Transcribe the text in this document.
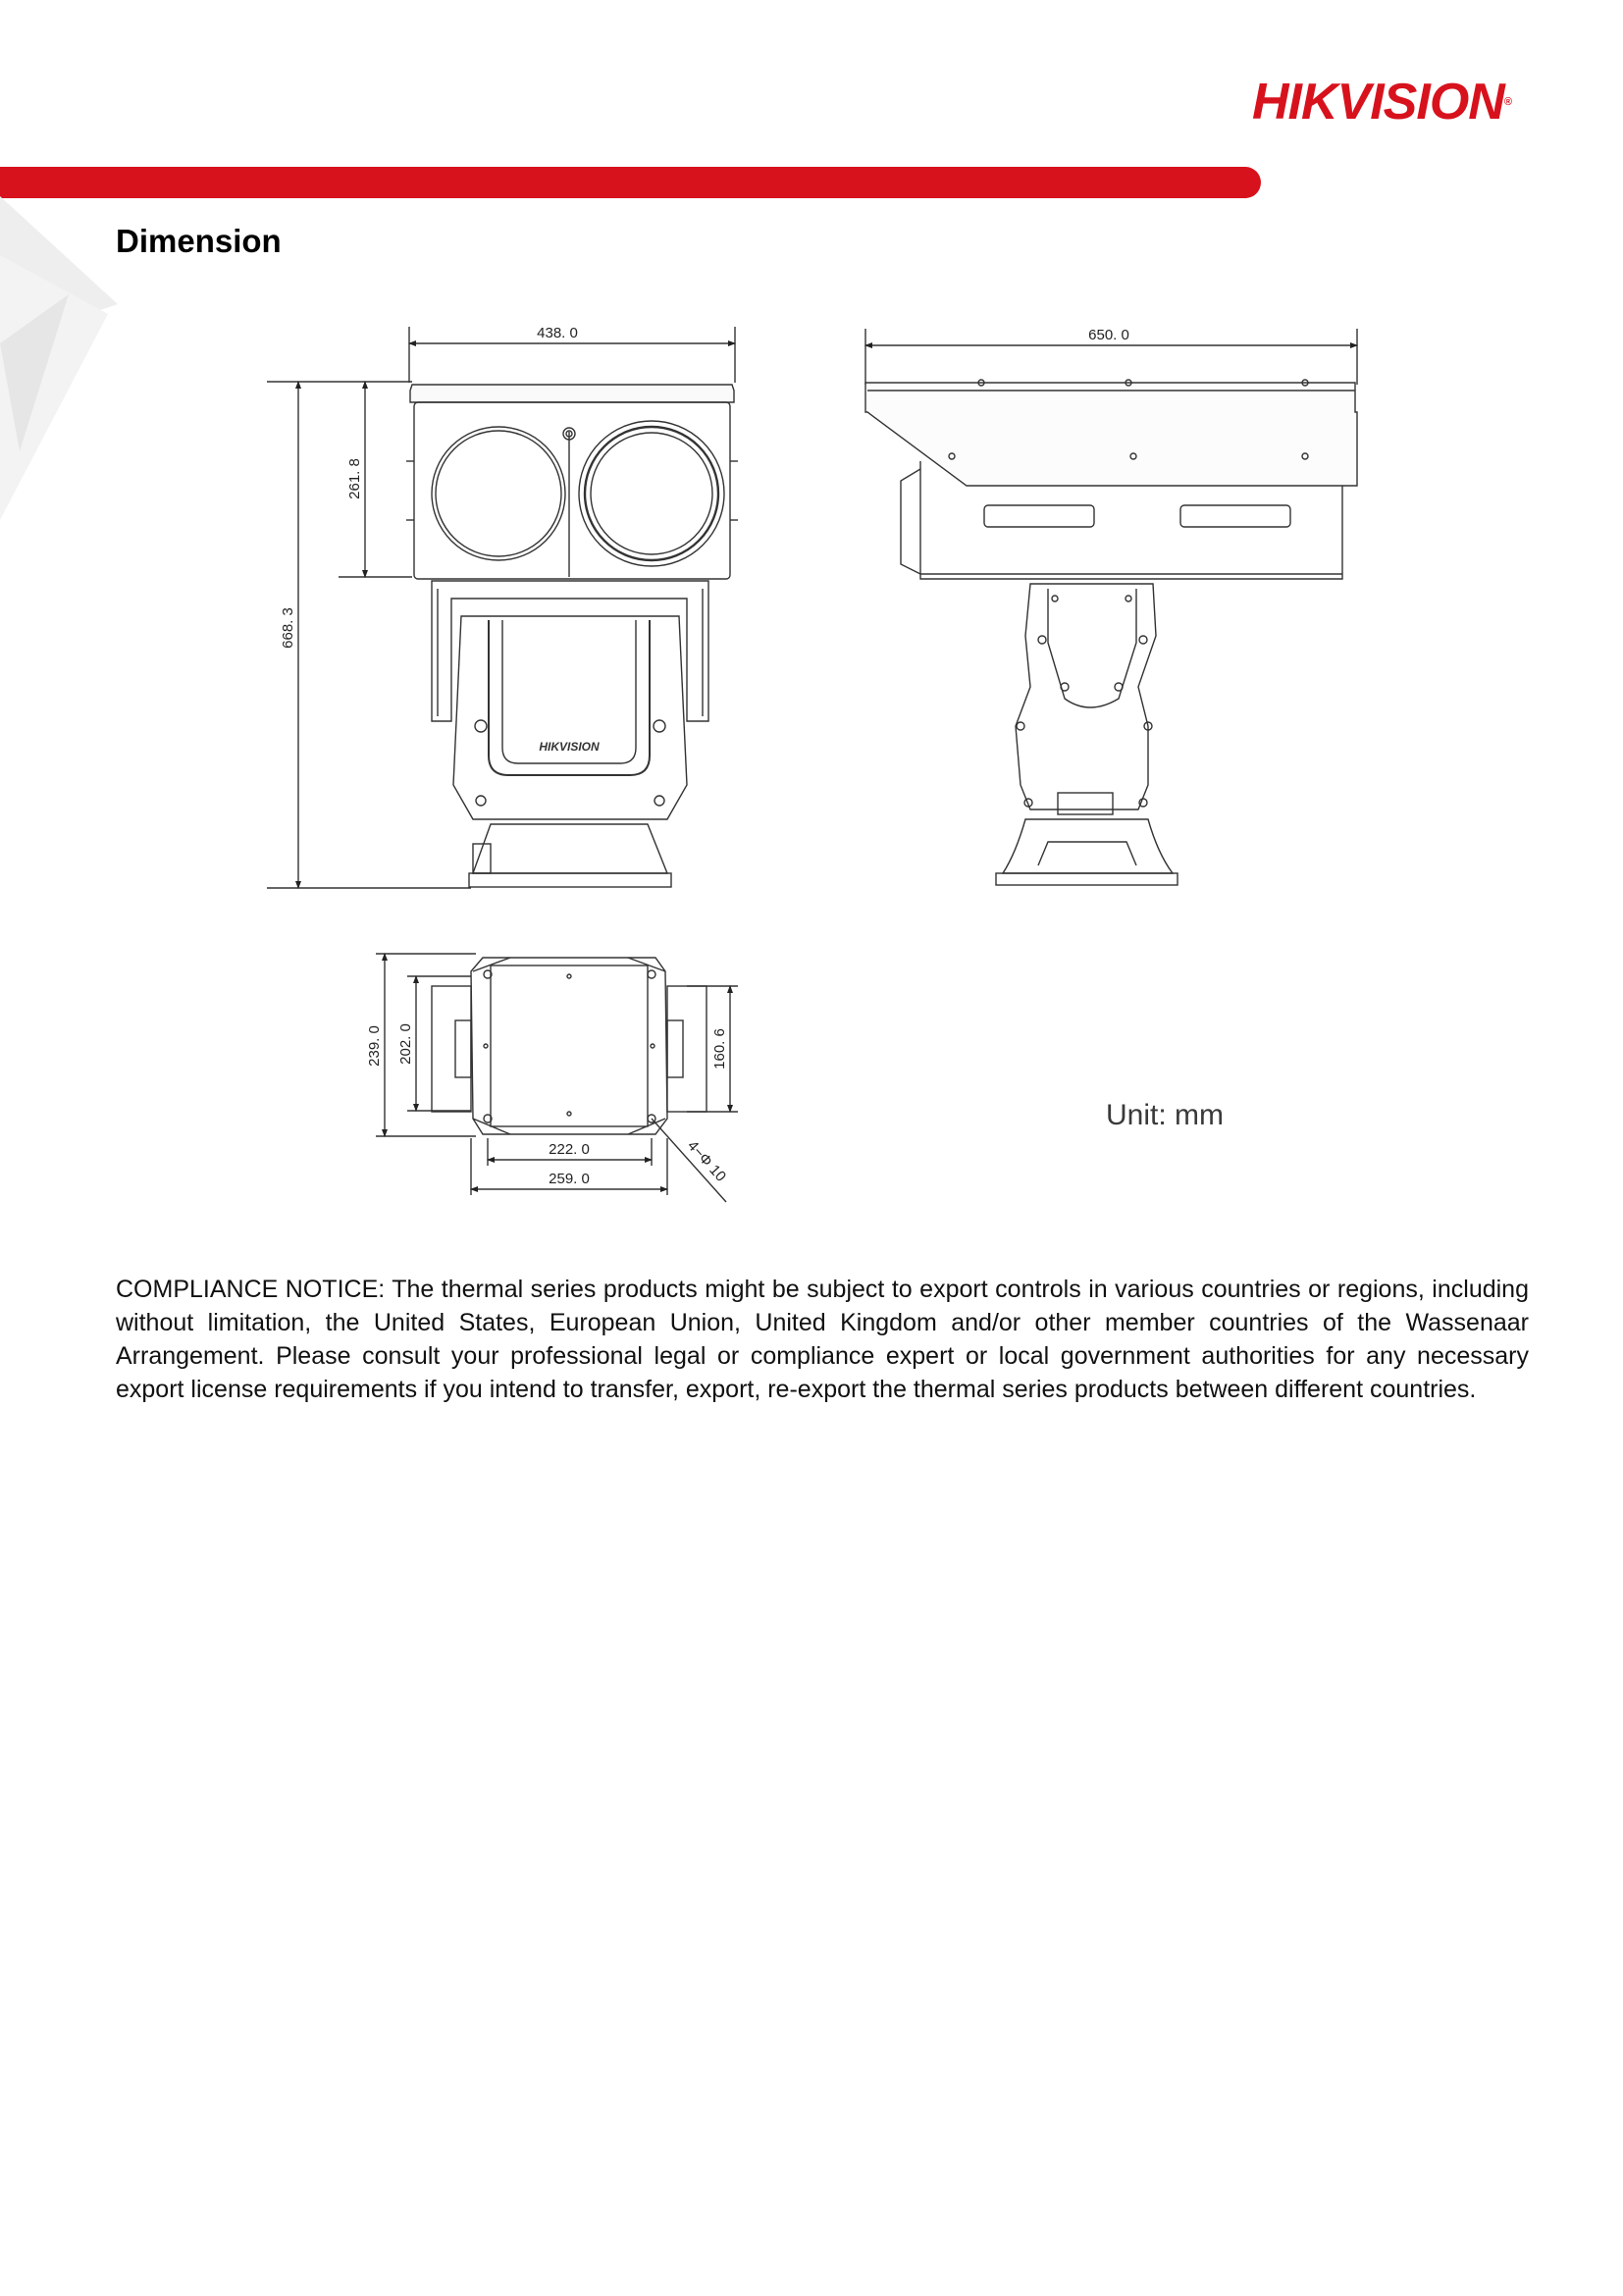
HIKVISION®
Dimension
438. 0
668. 3
261. 8
HIKVISION
650. 0
239. 0 202. 0	160. 6
222. 0
259. 0	4−Φ 10
Unit: mm

COMPLIANCE NOTICE: The thermal series products might be subject to export controls in various countries or regions, including without limitation, the United States, European Union, United Kingdom and/or other member countries of the Wassenaar Arrangement. Please consult your professional legal or compliance expert or local government authorities for any necessary export license requirements if you intend to transfer, export, re-export the thermal series products between different countries.
